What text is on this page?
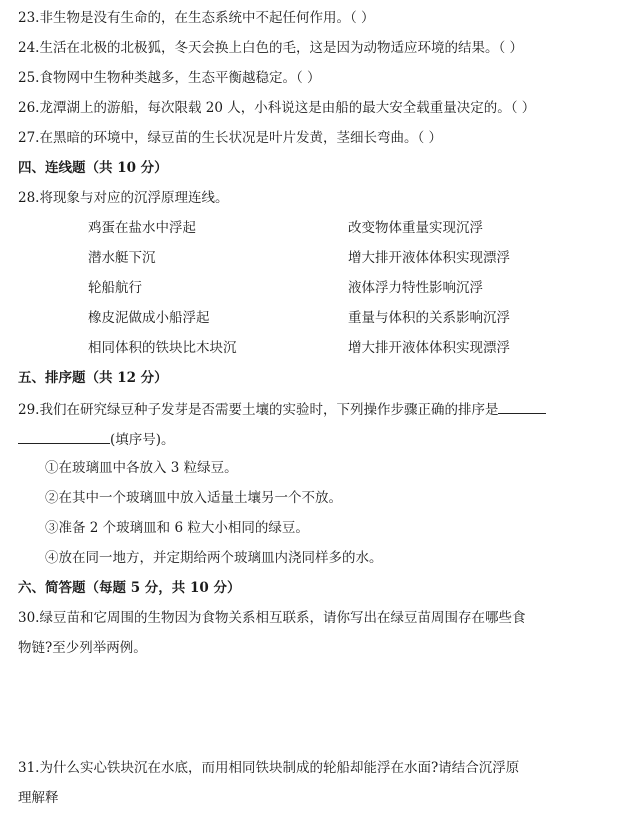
23.非生物是没有生命的，在生态系统中不起任何作用。（ ）
24.生活在北极的北极狐，冬天会换上白色的毛，这是因为动物适应环境的结果。（ ）
25.食物网中生物种类越多，生态平衡越稳定。（ ）
26.龙潭湖上的游船，每次限载 20 人，小科说这是由船的最大安全载重量决定的。（ ）
27.在黑暗的环境中，绿豆苗的生长状况是叶片发黄，茎细长弯曲。（ ）
四、连线题（共 10 分）
28.将现象与对应的沉浮原理连线。
鸡蛋在盐水中浮起	改变物体重量实现沉浮
潜水艇下沉	增大排开液体体积实现漂浮
轮船航行	液体浮力特性影响沉浮
橡皮泥做成小船浮起	重量与体积的关系影响沉浮
相同体积的铁块比木块沉	增大排开液体体积实现漂浮
五、排序题（共 12 分）
29.我们在研究绿豆种子发芽是否需要土壤的实验时，下列操作步骤正确的排序是
(填序号)。
①在玻璃皿中各放入 3 粒绿豆。
②在其中一个玻璃皿中放入适量土壤另一个不放。
③准备 2 个玻璃皿和 6 粒大小相同的绿豆。
④放在同一地方，并定期给两个玻璃皿内浇同样多的水。
六、简答题（每题 5 分，共 10 分）
30.绿豆苗和它周围的生物因为食物关系相互联系，请你写出在绿豆苗周围存在哪些食
物链?至少列举两例。
31.为什么实心铁块沉在水底，而用相同铁块制成的轮船却能浮在水面?请结合沉浮原
理解释
